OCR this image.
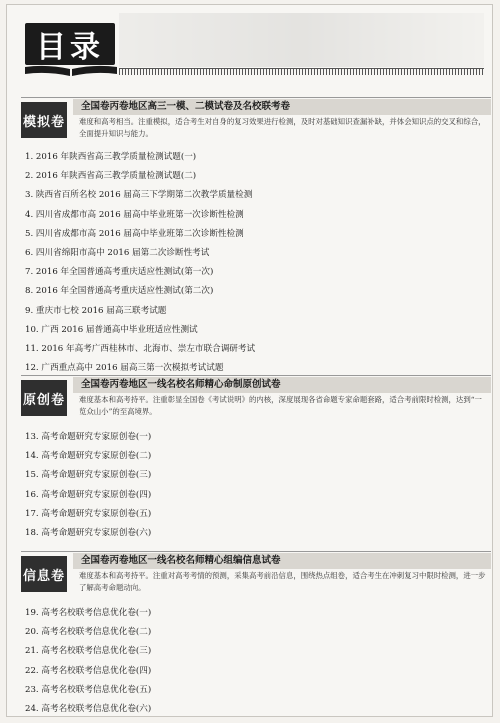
目录
模拟卷
全国卷丙卷地区高三一模、二模试卷及名校联考卷
难度和高考相当。注重模拟，适合考生对自身的复习效果进行检测，及时对基础知识查漏补缺，并体会知识点的交叉和综合，全面提升知识与能力。
1. 2016 年陕西省高三教学质量检测试题(一)
2. 2016 年陕西省高三教学质量检测试题(二)
3. 陕西省百所名校 2016 届高三下学期第二次教学质量检测
4. 四川省成都市高 2016 届高中毕业班第一次诊断性检测
5. 四川省成都市高 2016 届高中毕业班第二次诊断性检测
6. 四川省绵阳市高中 2016 届第二次诊断性考试
7. 2016 年全国普通高考重庆适应性测试(第一次)
8. 2016 年全国普通高考重庆适应性测试(第二次)
9. 重庆市七校 2016 届高三联考试题
10. 广西 2016 届普通高中毕业班适应性测试
11. 2016 年高考广西桂林市、北海市、崇左市联合调研考试
12. 广西重点高中 2016 届高三第一次模拟考试试题
原创卷
全国卷丙卷地区一线名校名师精心命制原创试卷
难度基本和高考持平。注重彰显全国卷《考试说明》的内核，深度展现各省命题专家命题套路，适合考前限时检测，达到“一览众山小”的至高境界。
13. 高考命题研究专家原创卷(一)
14. 高考命题研究专家原创卷(二)
15. 高考命题研究专家原创卷(三)
16. 高考命题研究专家原创卷(四)
17. 高考命题研究专家原创卷(五)
18. 高考命题研究专家原创卷(六)
信息卷
全国卷丙卷地区一线名校名师精心组编信息试卷
难度基本和高考持平。注重对高考考情的预测，采集高考前沿信息，围绕热点组卷，适合考生在冲刺复习中限时检测，进一步了解高考命题动向。
19. 高考名校联考信息优化卷(一)
20. 高考名校联考信息优化卷(二)
21. 高考名校联考信息优化卷(三)
22. 高考名校联考信息优化卷(四)
23. 高考名校联考信息优化卷(五)
24. 高考名校联考信息优化卷(六)
